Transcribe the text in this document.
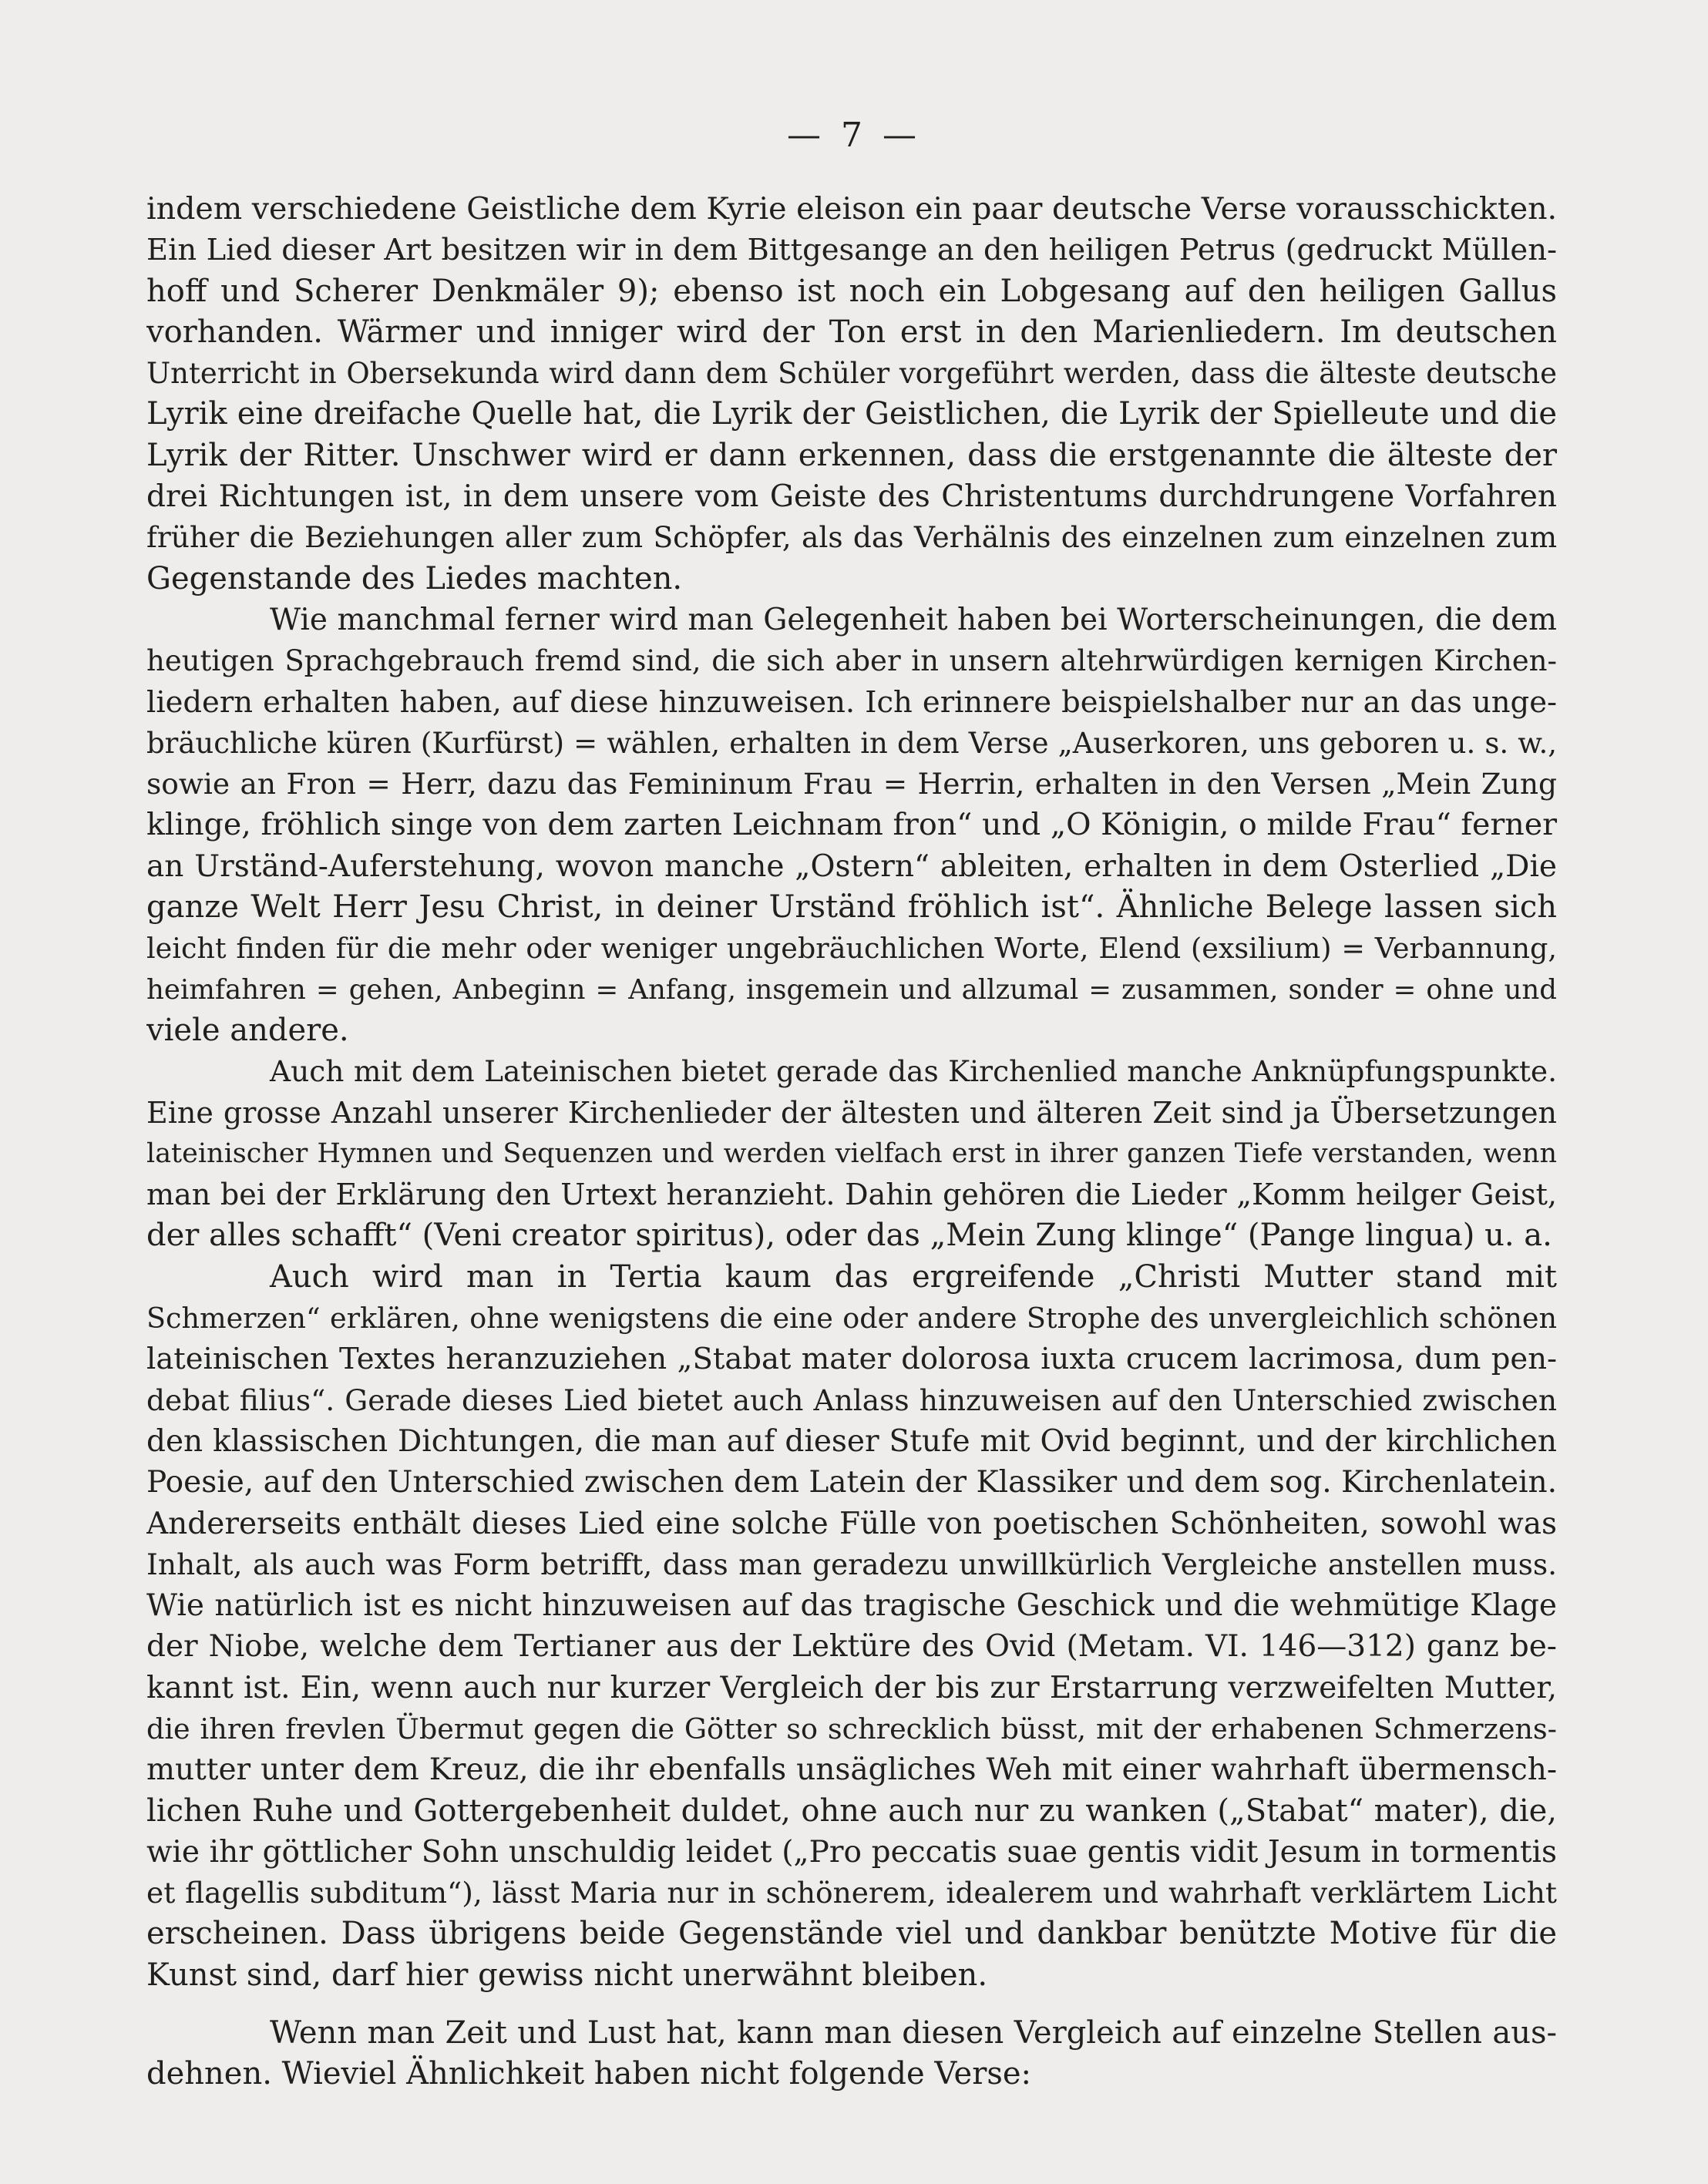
— 7 —
indem verschiedene Geistliche dem Kyrie eleison ein paar deutsche Verse vorausschickten.
Ein Lied dieser Art besitzen wir in dem Bittgesange an den heiligen Petrus (gedruckt Müllen-
hoff und Scherer Denkmäler 9); ebenso ist noch ein Lobgesang auf den heiligen Gallus
vorhanden. Wärmer und inniger wird der Ton erst in den Marienliedern. Im deutschen
Unterricht in Obersekunda wird dann dem Schüler vorgeführt werden, dass die älteste deutsche
Lyrik eine dreifache Quelle hat, die Lyrik der Geistlichen, die Lyrik der Spielleute und die
Lyrik der Ritter. Unschwer wird er dann erkennen, dass die erstgenannte die älteste der
drei Richtungen ist, in dem unsere vom Geiste des Christentums durchdrungene Vorfahren
früher die Beziehungen aller zum Schöpfer, als das Verhälnis des einzelnen zum einzelnen zum
Gegenstande des Liedes machten.
Wie manchmal ferner wird man Gelegenheit haben bei Worterscheinungen, die dem
heutigen Sprachgebrauch fremd sind, die sich aber in unsern altehrwürdigen kernigen Kirchen-
liedern erhalten haben, auf diese hinzuweisen. Ich erinnere beispielshalber nur an das unge-
bräuchliche küren (Kurfürst) = wählen, erhalten in dem Verse „Auserkoren, uns geboren u. s. w.,
sowie an Fron = Herr, dazu das Femininum Frau = Herrin, erhalten in den Versen „Mein Zung
klinge, fröhlich singe von dem zarten Leichnam fron“ und „O Königin, o milde Frau“ ferner
an Urständ-Auferstehung, wovon manche „Ostern“ ableiten, erhalten in dem Osterlied „Die
ganze Welt Herr Jesu Christ, in deiner Urständ fröhlich ist“. Ähnliche Belege lassen sich
leicht finden für die mehr oder weniger ungebräuchlichen Worte, Elend (exsilium) = Verbannung,
heimfahren = gehen, Anbeginn = Anfang, insgemein und allzumal = zusammen, sonder = ohne und
viele andere.
Auch mit dem Lateinischen bietet gerade das Kirchenlied manche Anknüpfungspunkte.
Eine grosse Anzahl unserer Kirchenlieder der ältesten und älteren Zeit sind ja Übersetzungen
lateinischer Hymnen und Sequenzen und werden vielfach erst in ihrer ganzen Tiefe verstanden, wenn
man bei der Erklärung den Urtext heranzieht. Dahin gehören die Lieder „Komm heilger Geist,
der alles schafft“ (Veni creator spiritus), oder das „Mein Zung klinge“ (Pange lingua) u. a.
Auch wird man in Tertia kaum das ergreifende „Christi Mutter stand mit
Schmerzen“ erklären, ohne wenigstens die eine oder andere Strophe des unvergleichlich schönen
lateinischen Textes heranzuziehen „Stabat mater dolorosa iuxta crucem lacrimosa, dum pen-
debat filius“. Gerade dieses Lied bietet auch Anlass hinzuweisen auf den Unterschied zwischen
den klassischen Dichtungen, die man auf dieser Stufe mit Ovid beginnt, und der kirchlichen
Poesie, auf den Unterschied zwischen dem Latein der Klassiker und dem sog. Kirchenlatein.
Andererseits enthält dieses Lied eine solche Fülle von poetischen Schönheiten, sowohl was
Inhalt, als auch was Form betrifft, dass man geradezu unwillkürlich Vergleiche anstellen muss.
Wie natürlich ist es nicht hinzuweisen auf das tragische Geschick und die wehmütige Klage
der Niobe, welche dem Tertianer aus der Lektüre des Ovid (Metam. VI. 146—312) ganz be-
kannt ist. Ein, wenn auch nur kurzer Vergleich der bis zur Erstarrung verzweifelten Mutter,
die ihren frevlen Übermut gegen die Götter so schrecklich büsst, mit der erhabenen Schmerzens-
mutter unter dem Kreuz, die ihr ebenfalls unsägliches Weh mit einer wahrhaft übermensch-
lichen Ruhe und Gottergebenheit duldet, ohne auch nur zu wanken („Stabat“ mater), die,
wie ihr göttlicher Sohn unschuldig leidet („Pro peccatis suae gentis vidit Jesum in tormentis
et flagellis subditum“), lässt Maria nur in schönerem, idealerem und wahrhaft verklärtem Licht
erscheinen. Dass übrigens beide Gegenstände viel und dankbar benützte Motive für die
Kunst sind, darf hier gewiss nicht unerwähnt bleiben.
Wenn man Zeit und Lust hat, kann man diesen Vergleich auf einzelne Stellen aus-
dehnen. Wieviel Ähnlichkeit haben nicht folgende Verse:
